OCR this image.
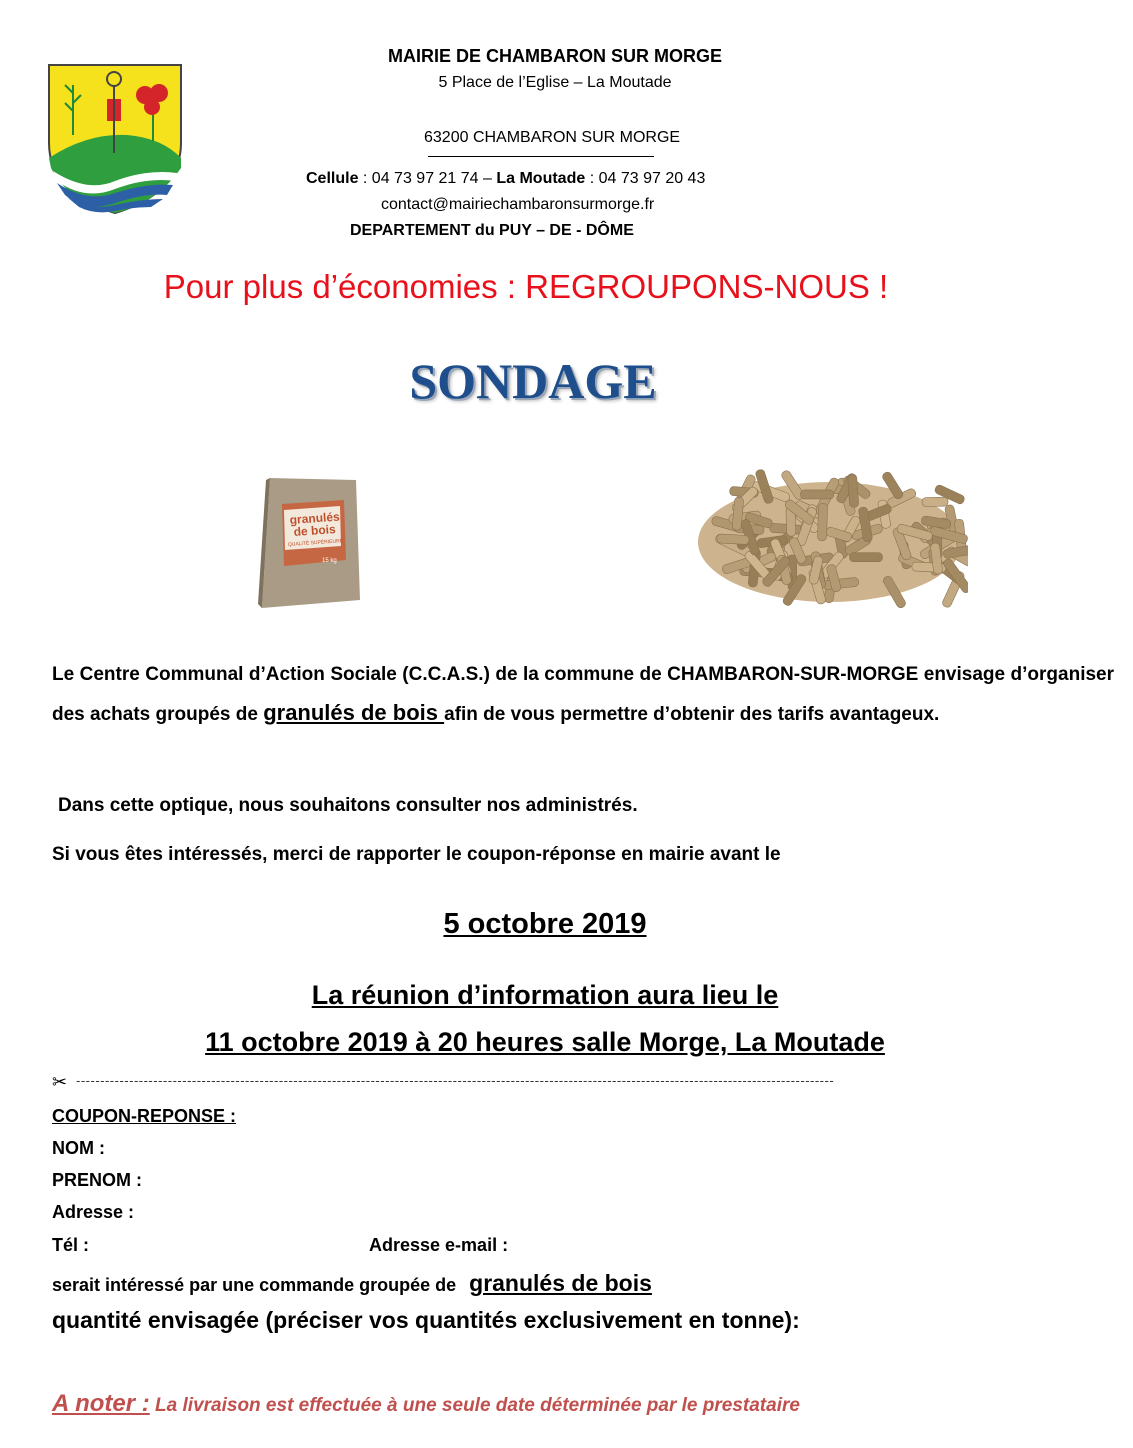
MAIRIE DE CHAMBARON SUR MORGE
5 Place de l’Eglise – La Moutade
63200 CHAMBARON SUR MORGE
Cellule : 04 73 97 21 74 – La Moutade : 04 73 97 20 43
contact@mairiechambaronsurmorge.fr
DEPARTEMENT du PUY – DE - DÔME
Pour plus d’économies : REGROUPONS-NOUS !
SONDAGE
granulés
de bois
QUALITÉ SUPÉRIEURE
15 kg
Le Centre Communal d’Action Sociale (C.C.A.S.) de la commune de CHAMBARON-SUR-MORGE envisage d’organiser des achats groupés de granulés de bois afin de vous permettre d’obtenir des tarifs avantageux.
Dans cette optique, nous souhaitons consulter nos administrés.
Si vous êtes intéressés, merci de rapporter le coupon-réponse en mairie avant le
5 octobre 2019
La réunion d’information aura lieu le
11 octobre 2019 à 20 heures salle Morge, La Moutade
✂ -------------------------------------------------------------------------------------------------------------------------------------------------------------
COUPON-REPONSE :
NOM :
PRENOM :
Adresse :
Tél :	Adresse e-mail :
serait intéressé par une commande groupée de granulés de bois
quantité envisagée (préciser vos quantités exclusivement en tonne):
A noter : La livraison est effectuée à une seule date déterminée par le prestataire
